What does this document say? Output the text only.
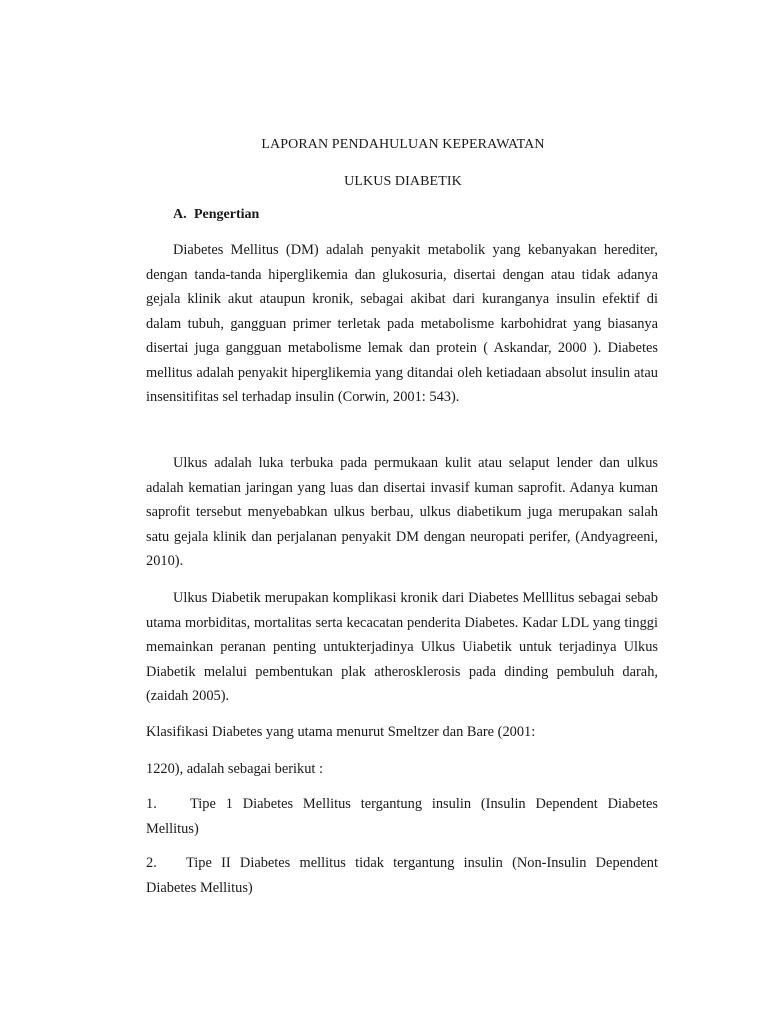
LAPORAN PENDAHULUAN KEPERAWATAN
ULKUS DIABETIK
A. Pengertian
Diabetes Mellitus (DM) adalah penyakit metabolik yang kebanyakan herediter, dengan tanda-tanda hiperglikemia dan glukosuria, disertai dengan atau tidak adanya gejala klinik akut ataupun kronik, sebagai akibat dari kuranganya insulin efektif di dalam tubuh, gangguan primer terletak pada metabolisme karbohidrat yang biasanya disertai juga gangguan metabolisme lemak dan protein ( Askandar, 2000 ). Diabetes mellitus adalah penyakit hiperglikemia yang ditandai oleh ketiadaan absolut insulin atau insensitifitas sel terhadap insulin (Corwin, 2001: 543).
Ulkus adalah luka terbuka pada permukaan kulit atau selaput lender dan ulkus adalah kematian jaringan yang luas dan disertai invasif kuman saprofit. Adanya kuman saprofit tersebut menyebabkan ulkus berbau, ulkus diabetikum juga merupakan salah satu gejala klinik dan perjalanan penyakit DM dengan neuropati perifer, (Andyagreeni, 2010).
Ulkus Diabetik merupakan komplikasi kronik dari Diabetes Melllitus sebagai sebab utama morbiditas, mortalitas serta kecacatan penderita Diabetes. Kadar LDL yang tinggi memainkan peranan penting untukterjadinya Ulkus Uiabetik untuk terjadinya Ulkus Diabetik melalui pembentukan plak atherosklerosis pada dinding pembuluh darah, (zaidah 2005).
Klasifikasi Diabetes yang utama menurut Smeltzer dan Bare (2001:
1220), adalah sebagai berikut :
1. Tipe 1 Diabetes Mellitus tergantung insulin (Insulin Dependent Diabetes Mellitus)
2. Tipe II Diabetes mellitus tidak tergantung insulin (Non-Insulin Dependent Diabetes Mellitus)
